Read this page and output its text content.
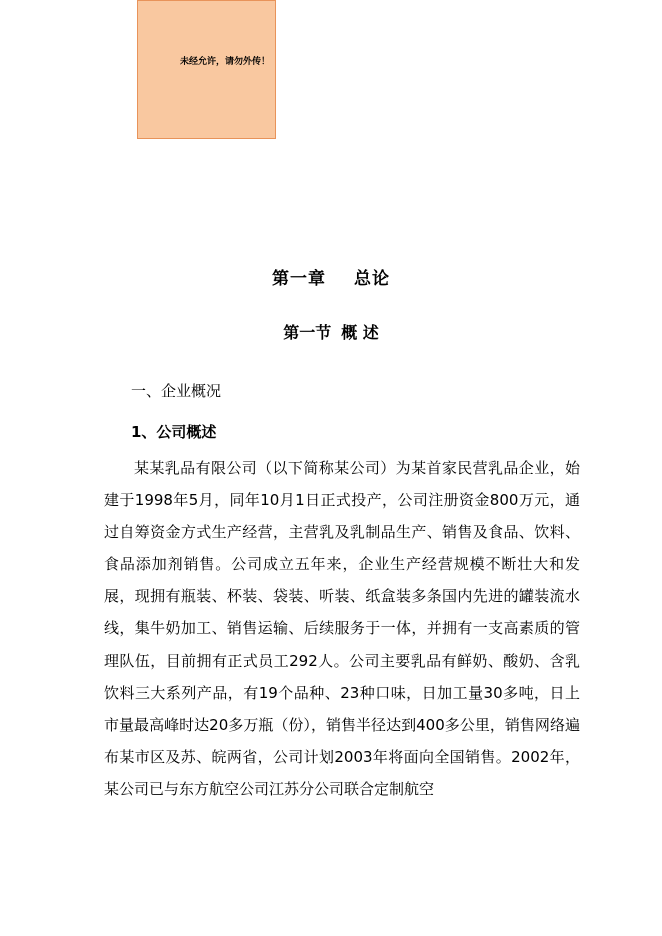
未经允许，请勿外传！
第一章 总论
第一节 概 述
一、企业概况
1、公司概述

某某乳品有限公司（以下简称某公司）为某首家民营乳品企业，始建于1998年5月，同年10月1日正式投产，公司注册资金800万元，通过自筹资金方式生产经营，主营乳及乳制品生产、销售及食品、饮料、食品添加剂销售。公司成立五年来，企业生产经营规模不断壮大和发展，现拥有瓶装、杯装、袋装、听装、纸盒装多条国内先进的罐装流水线，集牛奶加工、销售运输、后续服务于一体，并拥有一支高素质的管理队伍，目前拥有正式员工292人。公司主要乳品有鲜奶、酸奶、含乳饮料三大系列产品，有19个品种、23种口味，日加工量30多吨，日上市量最高峰时达20多万瓶（份），销售半径达到400多公里，销售网络遍布某市区及苏、皖两省，公司计划2003年将面向全国销售。2002年，某公司已与东方航空公司江苏分公司联合定制航空
